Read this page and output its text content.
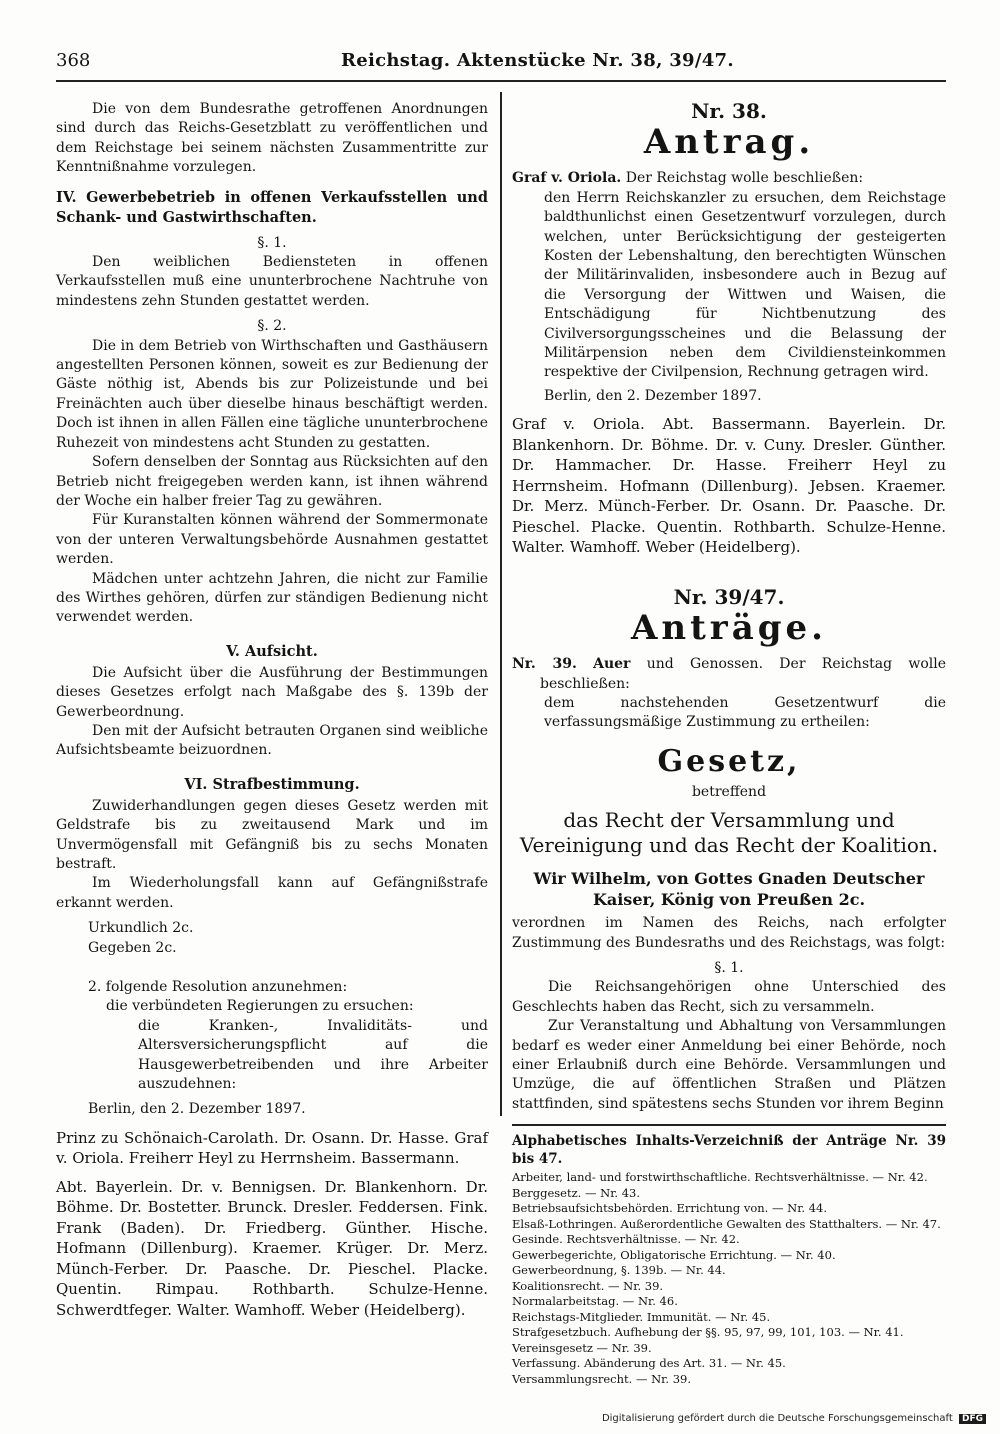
368	Reichstag. Aktenstücke Nr. 38, 39/47.

Die von dem Bundesrathe getroffenen Anordnungen sind durch das Reichs-Gesetzblatt zu veröffentlichen und dem Reichstage bei seinem nächsten Zusammentritte zur Kenntnißnahme vorzulegen.

IV. Gewerbebetrieb in offenen Verkaufsstellen und Schank- und Gastwirthschaften.

§. 1.

Den weiblichen Bediensteten in offenen Verkaufsstellen muß eine ununterbrochene Nachtruhe von mindestens zehn Stunden gestattet werden.

§. 2.

Die in dem Betrieb von Wirthschaften und Gasthäusern angestellten Personen können, soweit es zur Bedienung der Gäste nöthig ist, Abends bis zur Polizeistunde und bei Freinächten auch über dieselbe hinaus beschäftigt werden. Doch ist ihnen in allen Fällen eine tägliche ununterbrochene Ruhezeit von mindestens acht Stunden zu gestatten.

Sofern denselben der Sonntag aus Rücksichten auf den Betrieb nicht freigegeben werden kann, ist ihnen während der Woche ein halber freier Tag zu gewähren.

Für Kuranstalten können während der Sommermonate von der unteren Verwaltungsbehörde Ausnahmen gestattet werden.

Mädchen unter achtzehn Jahren, die nicht zur Familie des Wirthes gehören, dürfen zur ständigen Bedienung nicht verwendet werden.

V. Aufsicht.

Die Aufsicht über die Ausführung der Bestimmungen dieses Gesetzes erfolgt nach Maßgabe des §. 139b der Gewerbeordnung.

Den mit der Aufsicht betrauten Organen sind weibliche Aufsichtsbeamte beizuordnen.

VI. Strafbestimmung.

Zuwiderhandlungen gegen dieses Gesetz werden mit Geldstrafe bis zu zweitausend Mark und im Unvermögensfall mit Gefängniß bis zu sechs Monaten bestraft.

Im Wiederholungsfall kann auf Gefängnißstrafe erkannt werden.

Urkundlich 2c.

Gegeben 2c.

2. folgende Resolution anzunehmen:

die verbündeten Regierungen zu ersuchen:

die Kranken-, Invaliditäts- und Altersversicherungspflicht auf die Hausgewerbetreibenden und ihre Arbeiter auszudehnen:

Berlin, den 2. Dezember 1897.

Prinz zu Schönaich-Carolath. Dr. Osann. Dr. Hasse. Graf v. Oriola. Freiherr Heyl zu Herrnsheim. Bassermann.

Abt. Bayerlein. Dr. v. Bennigsen. Dr. Blankenhorn. Dr. Böhme. Dr. Bostetter. Brunck. Dresler. Feddersen. Fink. Frank (Baden). Dr. Friedberg. Günther. Hische. Hofmann (Dillenburg). Kraemer. Krüger. Dr. Merz. Münch-Ferber. Dr. Paasche. Dr. Pieschel. Placke. Quentin. Rimpau. Rothbarth. Schulze-Henne. Schwerdtfeger. Walter. Wamhoff. Weber (Heidelberg).

Nr. 38.

Antrag.

Graf v. Oriola. Der Reichstag wolle beschließen:

den Herrn Reichskanzler zu ersuchen, dem Reichstage baldthunlichst einen Gesetzentwurf vorzulegen, durch welchen, unter Berücksichtigung der gesteigerten Kosten der Lebenshaltung, den berechtigten Wünschen der Militärinvaliden, insbesondere auch in Bezug auf die Versorgung der Wittwen und Waisen, die Entschädigung für Nichtbenutzung des Civilversorgungsscheines und die Belassung der Militärpension neben dem Civildiensteinkommen respektive der Civilpension, Rechnung getragen wird.

Berlin, den 2. Dezember 1897.

Graf v. Oriola. Abt. Bassermann. Bayerlein. Dr. Blankenhorn. Dr. Böhme. Dr. v. Cuny. Dresler. Günther. Dr. Hammacher. Dr. Hasse. Freiherr Heyl zu Herrnsheim. Hofmann (Dillenburg). Jebsen. Kraemer. Dr. Merz. Münch-Ferber. Dr. Osann. Dr. Paasche. Dr. Pieschel. Placke. Quentin. Rothbarth. Schulze-Henne. Walter. Wamhoff. Weber (Heidelberg).

Nr. 39/47.

Anträge.

Nr. 39. Auer und Genossen. Der Reichstag wolle beschließen:

dem nachstehenden Gesetzentwurf die verfassungsmäßige Zustimmung zu ertheilen:

Gesetz,

betreffend

das Recht der Versammlung und Vereinigung und das Recht der Koalition.

Wir Wilhelm, von Gottes Gnaden Deutscher Kaiser, König von Preußen 2c.

verordnen im Namen des Reichs, nach erfolgter Zustimmung des Bundesraths und des Reichstags, was folgt:

§. 1.

Die Reichsangehörigen ohne Unterschied des Geschlechts haben das Recht, sich zu versammeln.

Zur Veranstaltung und Abhaltung von Versammlungen bedarf es weder einer Anmeldung bei einer Behörde, noch einer Erlaubniß durch eine Behörde. Versammlungen und Umzüge, die auf öffentlichen Straßen und Plätzen stattfinden, sind spätestens sechs Stunden vor ihrem Beginn

Alphabetisches Inhalts-Verzeichniß der Anträge Nr. 39 bis 47.

Arbeiter, land- und forstwirthschaftliche. Rechtsverhältnisse. — Nr. 42.

Berggesetz. — Nr. 43.

Betriebsaufsichtsbehörden. Errichtung von. — Nr. 44.

Elsaß-Lothringen. Außerordentliche Gewalten des Statthalters. — Nr. 47.

Gesinde. Rechtsverhältnisse. — Nr. 42.

Gewerbegerichte, Obligatorische Errichtung. — Nr. 40.

Gewerbeordnung, §. 139b. — Nr. 44.

Koalitionsrecht. — Nr. 39.

Normalarbeitstag. — Nr. 46.

Reichstags-Mitglieder. Immunität. — Nr. 45.

Strafgesetzbuch. Aufhebung der §§. 95, 97, 99, 101, 103. — Nr. 41.

Vereinsgesetz — Nr. 39.

Verfassung. Abänderung des Art. 31. — Nr. 45.

Versammlungsrecht. — Nr. 39.

Digitalisierung gefördert durch die Deutsche Forschungsgemeinschaft DFG
